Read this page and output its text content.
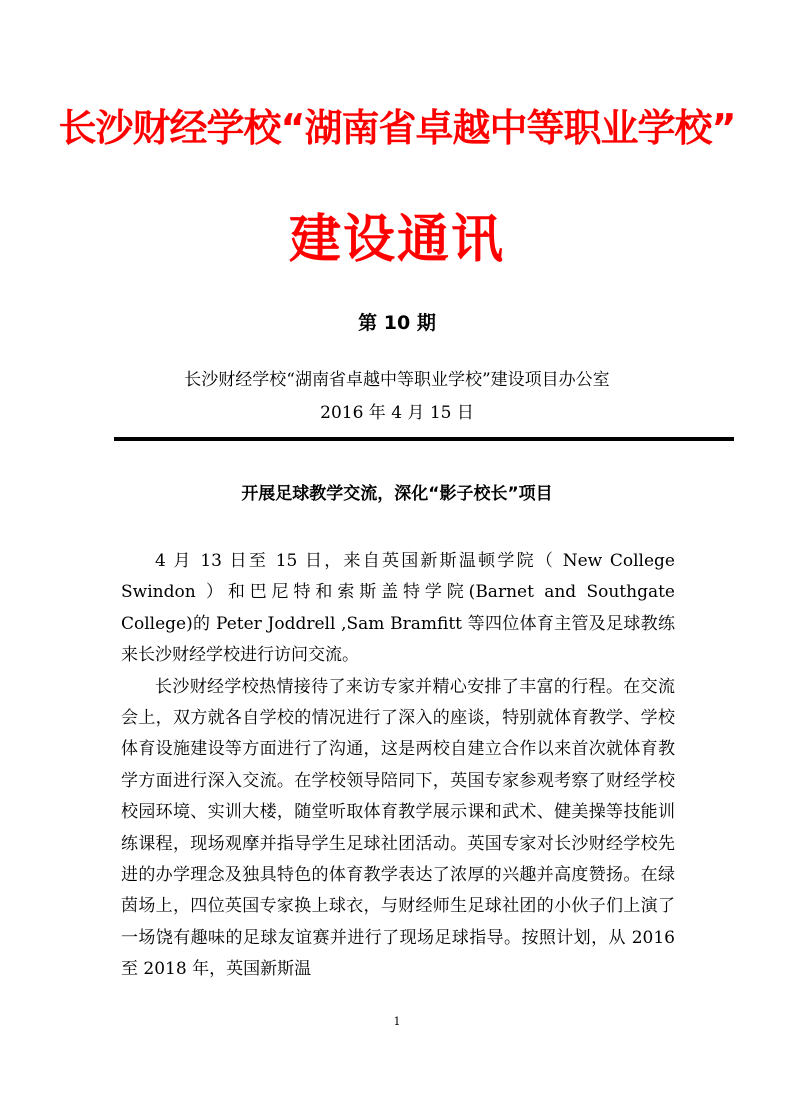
长沙财经学校“湖南省卓越中等职业学校”
建设通讯
第 10 期
长沙财经学校“湖南省卓越中等职业学校”建设项目办公室
2016 年 4 月 15 日
开展足球教学交流，深化“影子校长”项目

4 月 13 日至 15 日，来自英国新斯温顿学院（ New College Swindon ）和巴尼特和索斯盖特学院(Barnet and Southgate College)的 Peter Joddrell ,Sam Bramfitt 等四位体育主管及足球教练来长沙财经学校进行访问交流。

长沙财经学校热情接待了来访专家并精心安排了丰富的行程。在交流会上，双方就各自学校的情况进行了深入的座谈，特别就体育教学、学校体育设施建设等方面进行了沟通，这是两校自建立合作以来首次就体育教学方面进行深入交流。在学校领导陪同下，英国专家参观考察了财经学校校园环境、实训大楼，随堂听取体育教学展示课和武术、健美操等技能训练课程，现场观摩并指导学生足球社团活动。英国专家对长沙财经学校先进的办学理念及独具特色的体育教学表达了浓厚的兴趣并高度赞扬。在绿茵场上，四位英国专家换上球衣，与财经师生足球社团的小伙子们上演了一场饶有趣味的足球友谊赛并进行了现场足球指导。按照计划，从 2016 至 2018 年，英国新斯温

1
